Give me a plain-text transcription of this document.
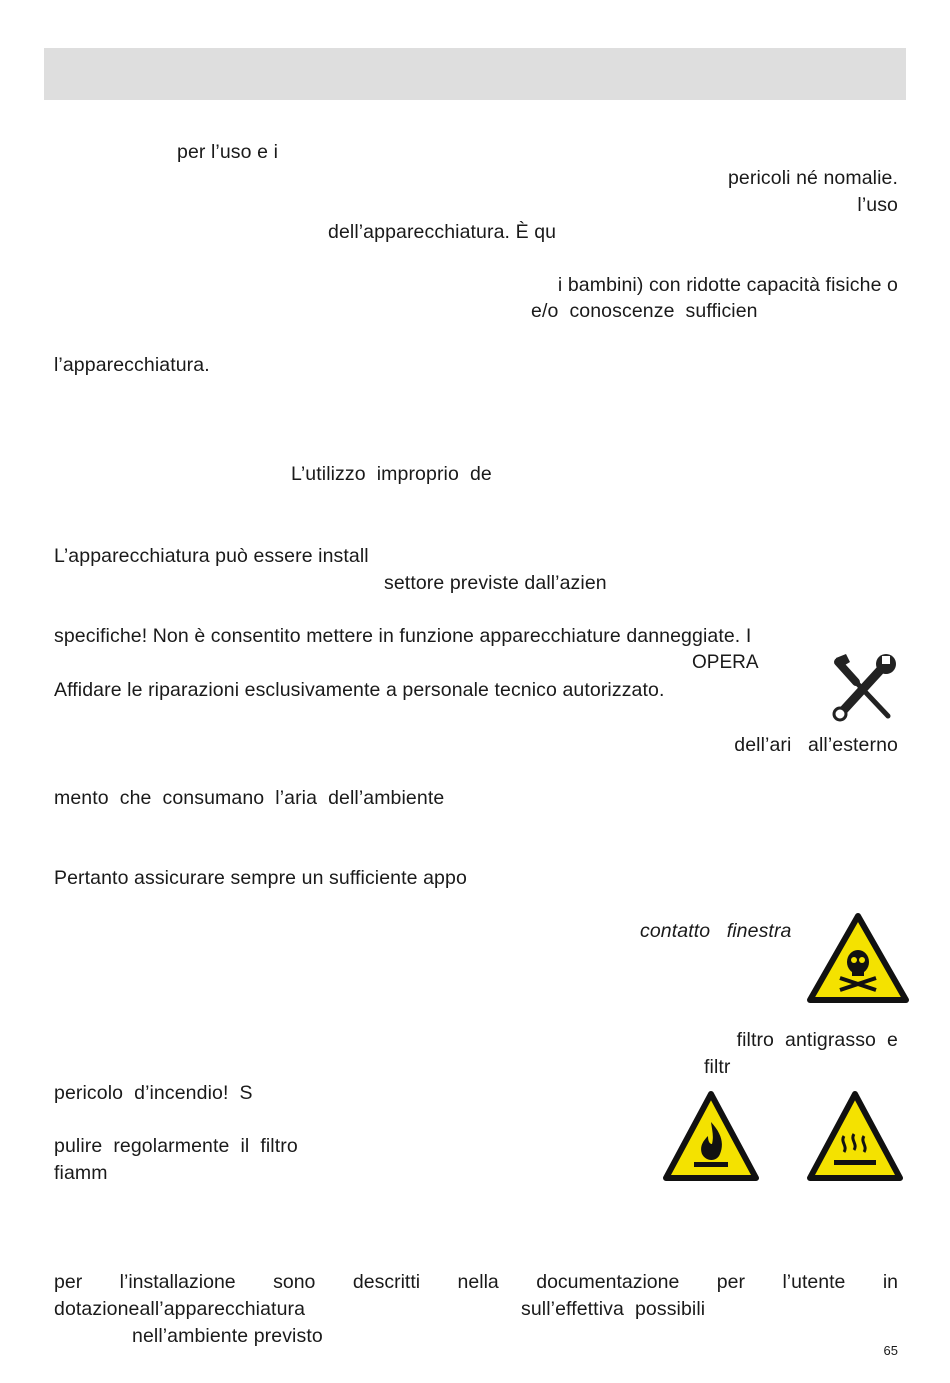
per l’uso e i
pericoli né nomalie.
l’uso
dell’apparecchiatura. È qu
i bambini) con ridotte capacità fisiche o
e/o  conoscenze  sufficien
l’apparecchiatura.
L’utilizzo  improprio  de
L’apparecchiatura può essere install
settore previste dall’azien
specifiche! Non è consentito mettere in funzione apparecchiature danneggiate. I
OPERA
Affidare le riparazioni esclusivamente a personale tecnico autorizzato.
dell’ari   all’esterno
mento  che  consumano  l’aria  dell’ambiente
Pertanto assicurare sempre un sufficiente appo
contatto   finestra
filtro  antigrasso  e
filtr
pericolo  d’incendio!  S
pulire  regolarmente  il  filtro
fiamm
per l’installazione sono descritti nella documentazione per l’utente in
dotazioneall’apparecchiatura	sull’effettiva  possibili
nell’ambiente previsto
65
